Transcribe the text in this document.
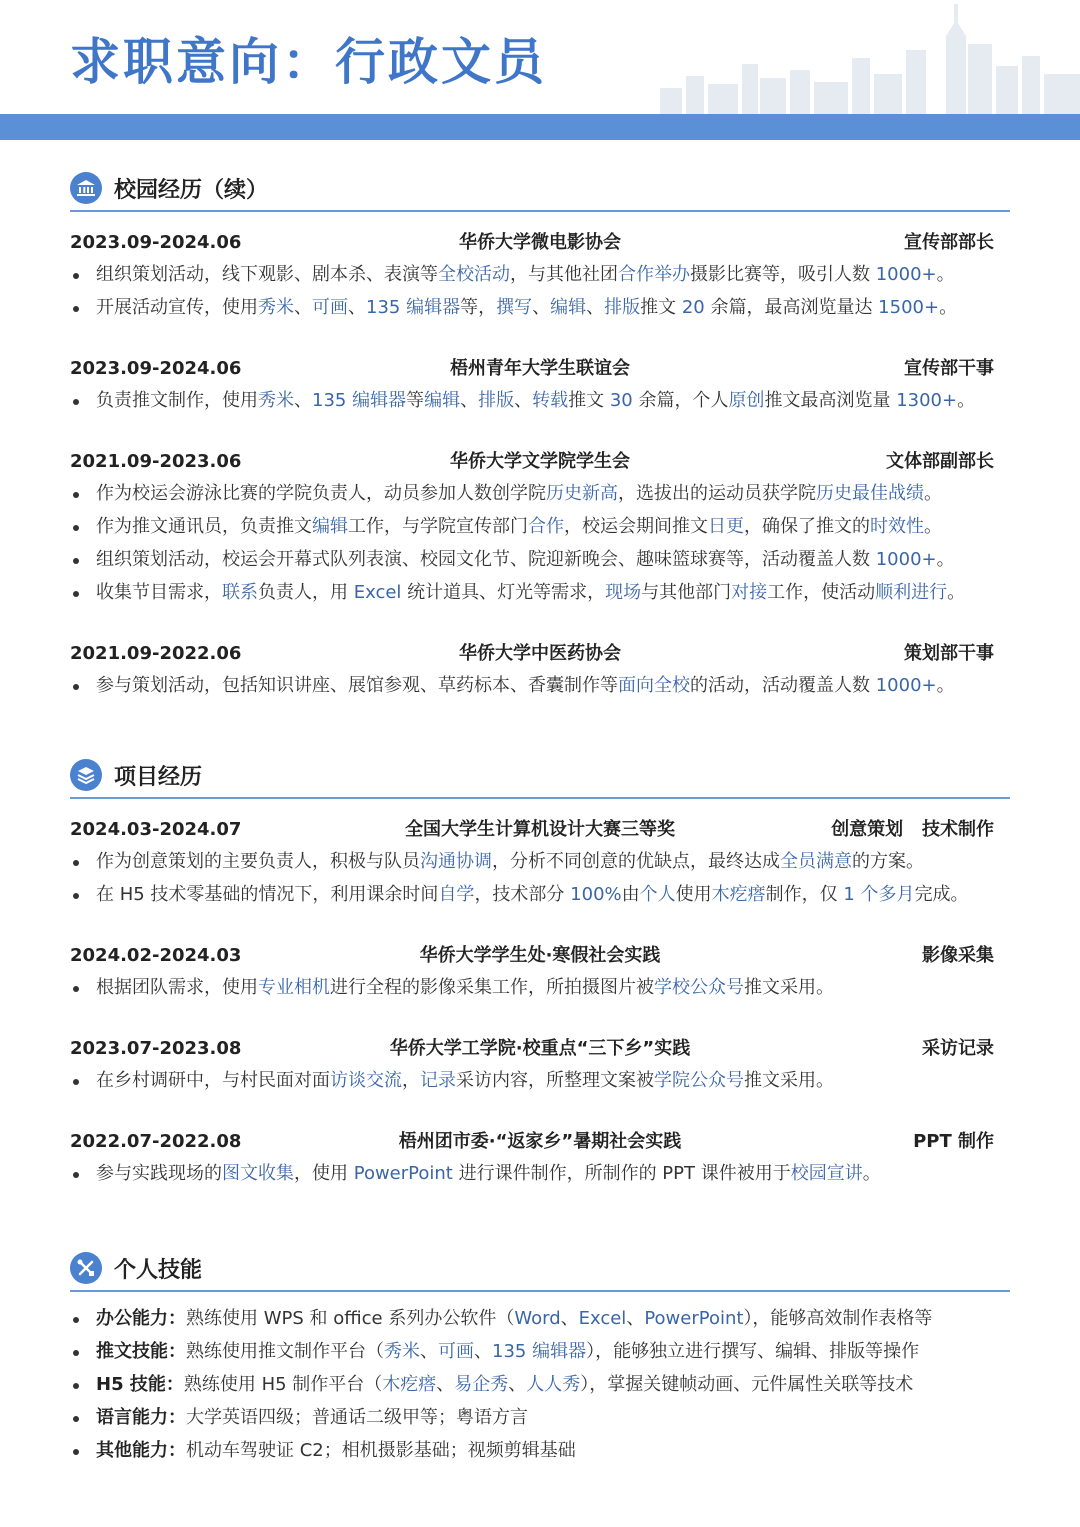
求职意向：行政文员
校园经历（续）
2023.09-2024.06	华侨大学微电影协会	宣传部部长
组织策划活动，线下观影、剧本杀、表演等全校活动，与其他社团合作举办摄影比赛等，吸引人数 1000+。
开展活动宣传，使用秀米、可画、135 编辑器等，撰写、编辑、排版推文 20 余篇，最高浏览量达 1500+。
2023.09-2024.06	梧州青年大学生联谊会	宣传部干事
负责推文制作，使用秀米、135 编辑器等编辑、排版、转载推文 30 余篇，个人原创推文最高浏览量 1300+。
2021.09-2023.06	华侨大学文学院学生会	文体部副部长
作为校运会游泳比赛的学院负责人，动员参加人数创学院历史新高，选拔出的运动员获学院历史最佳战绩。
作为推文通讯员，负责推文编辑工作，与学院宣传部门合作，校运会期间推文日更，确保了推文的时效性。
组织策划活动，校运会开幕式队列表演、校园文化节、院迎新晚会、趣味篮球赛等，活动覆盖人数 1000+。
收集节目需求，联系负责人，用 Excel 统计道具、灯光等需求，现场与其他部门对接工作，使活动顺利进行。
2021.09-2022.06	华侨大学中医药协会	策划部干事
参与策划活动，包括知识讲座、展馆参观、草药标本、香囊制作等面向全校的活动，活动覆盖人数 1000+。
项目经历
2024.03-2024.07	全国大学生计算机设计大赛三等奖	创意策划   技术制作
作为创意策划的主要负责人，积极与队员沟通协调，分析不同创意的优缺点，最终达成全员满意的方案。
在 H5 技术零基础的情况下，利用课余时间自学，技术部分 100%由个人使用木疙瘩制作，仅 1 个多月完成。
2024.02-2024.03	华侨大学学生处·寒假社会实践	影像采集
根据团队需求，使用专业相机进行全程的影像采集工作，所拍摄图片被学校公众号推文采用。
2023.07-2023.08	华侨大学工学院·校重点“三下乡”实践	采访记录
在乡村调研中，与村民面对面访谈交流，记录采访内容，所整理文案被学院公众号推文采用。
2022.07-2022.08	梧州团市委·“返家乡”暑期社会实践	PPT 制作
参与实践现场的图文收集，使用 PowerPoint 进行课件制作，所制作的 PPT 课件被用于校园宣讲。
个人技能
办公能力：熟练使用 WPS 和 office 系列办公软件（Word、Excel、PowerPoint），能够高效制作表格等
推文技能：熟练使用推文制作平台（秀米、可画、135 编辑器），能够独立进行撰写、编辑、排版等操作
H5 技能：熟练使用 H5 制作平台（木疙瘩、易企秀、人人秀），掌握关键帧动画、元件属性关联等技术
语言能力：大学英语四级；普通话二级甲等；粤语方言
其他能力：机动车驾驶证 C2；相机摄影基础；视频剪辑基础
